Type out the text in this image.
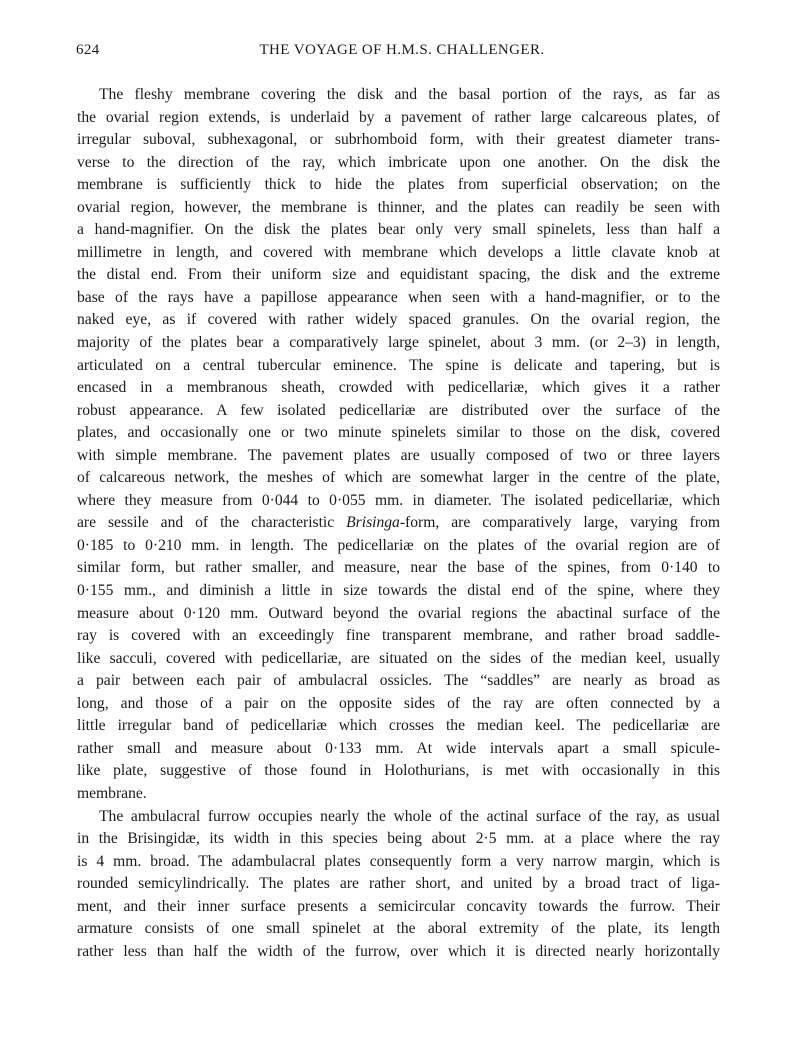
624	THE VOYAGE OF H.M.S. CHALLENGER.
The fleshy membrane covering the disk and the basal portion of the rays, as far as
the ovarial region extends, is underlaid by a pavement of rather large calcareous plates, of
irregular suboval, subhexagonal, or subrhomboid form, with their greatest diameter trans-
verse to the direction of the ray, which imbricate upon one another. On the disk the
membrane is sufficiently thick to hide the plates from superficial observation; on the
ovarial region, however, the membrane is thinner, and the plates can readily be seen with
a hand-magnifier. On the disk the plates bear only very small spinelets, less than half a
millimetre in length, and covered with membrane which develops a little clavate knob at
the distal end. From their uniform size and equidistant spacing, the disk and the extreme
base of the rays have a papillose appearance when seen with a hand-magnifier, or to the
naked eye, as if covered with rather widely spaced granules. On the ovarial region, the
majority of the plates bear a comparatively large spinelet, about 3 mm. (or 2–3) in length,
articulated on a central tubercular eminence. The spine is delicate and tapering, but is
encased in a membranous sheath, crowded with pedicellariæ, which gives it a rather
robust appearance. A few isolated pedicellariæ are distributed over the surface of the
plates, and occasionally one or two minute spinelets similar to those on the disk, covered
with simple membrane. The pavement plates are usually composed of two or three layers
of calcareous network, the meshes of which are somewhat larger in the centre of the plate,
where they measure from 0·044 to 0·055 mm. in diameter. The isolated pedicellariæ, which
are sessile and of the characteristic Brisinga-form, are comparatively large, varying from
0·185 to 0·210 mm. in length. The pedicellariæ on the plates of the ovarial region are of
similar form, but rather smaller, and measure, near the base of the spines, from 0·140 to
0·155 mm., and diminish a little in size towards the distal end of the spine, where they
measure about 0·120 mm. Outward beyond the ovarial regions the abactinal surface of the
ray is covered with an exceedingly fine transparent membrane, and rather broad saddle-
like sacculi, covered with pedicellariæ, are situated on the sides of the median keel, usually
a pair between each pair of ambulacral ossicles. The “saddles” are nearly as broad as
long, and those of a pair on the opposite sides of the ray are often connected by a
little irregular band of pedicellariæ which crosses the median keel. The pedicellariæ are
rather small and measure about 0·133 mm. At wide intervals apart a small spicule-
like plate, suggestive of those found in Holothurians, is met with occasionally in this
membrane.
The ambulacral furrow occupies nearly the whole of the actinal surface of the ray, as usual
in the Brisingidæ, its width in this species being about 2·5 mm. at a place where the ray
is 4 mm. broad. The adambulacral plates consequently form a very narrow margin, which is
rounded semicylindrically. The plates are rather short, and united by a broad tract of liga-
ment, and their inner surface presents a semicircular concavity towards the furrow. Their
armature consists of one small spinelet at the aboral extremity of the plate, its length
rather less than half the width of the furrow, over which it is directed nearly horizontally
